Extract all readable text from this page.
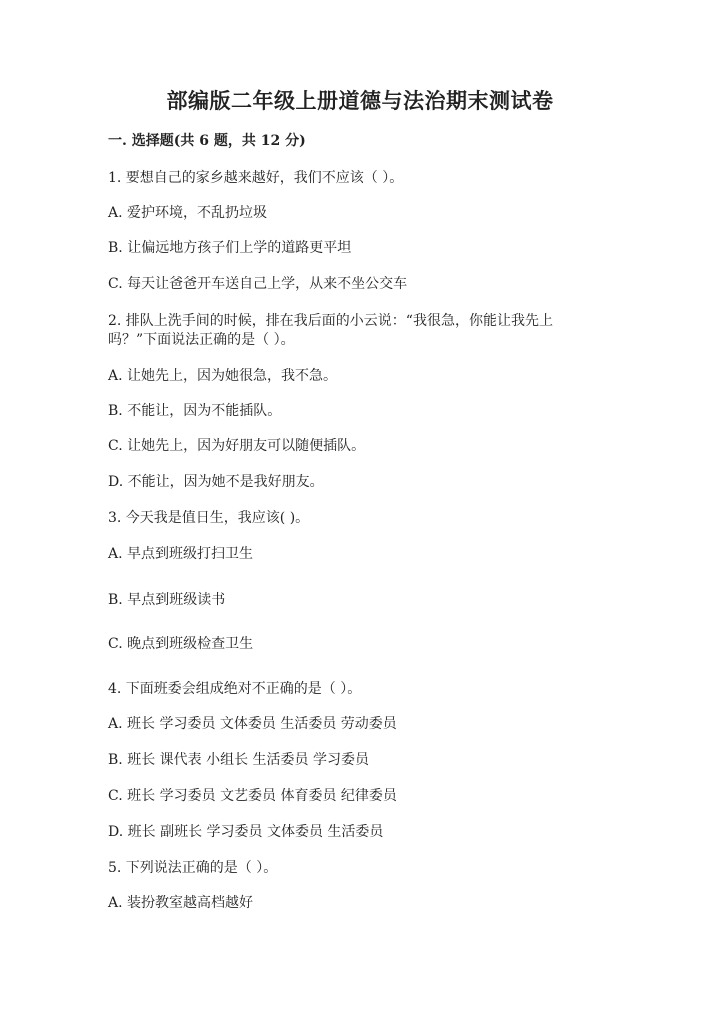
部编版二年级上册道德与法治期末测试卷
一. 选择题(共 6 题，共 12 分)
1. 要想自己的家乡越来越好，我们不应该（ ）。
A. 爱护环境，不乱扔垃圾
B. 让偏远地方孩子们上学的道路更平坦
C. 每天让爸爸开车送自己上学，从来不坐公交车
2. 排队上洗手间的时候，排在我后面的小云说：“我很急，你能让我先上
吗？”下面说法正确的是（ ）。
A. 让她先上，因为她很急，我不急。
B. 不能让，因为不能插队。
C. 让她先上，因为好朋友可以随便插队。
D. 不能让，因为她不是我好朋友。
3. 今天我是值日生，我应该( )。
A. 早点到班级打扫卫生
B. 早点到班级读书
C. 晚点到班级检查卫生
4. 下面班委会组成绝对不正确的是（ ）。
A. 班长 学习委员 文体委员 生活委员 劳动委员
B. 班长 课代表 小组长 生活委员 学习委员
C. 班长 学习委员 文艺委员 体育委员 纪律委员
D. 班长 副班长 学习委员 文体委员 生活委员
5. 下列说法正确的是（ ）。
A. 装扮教室越高档越好
